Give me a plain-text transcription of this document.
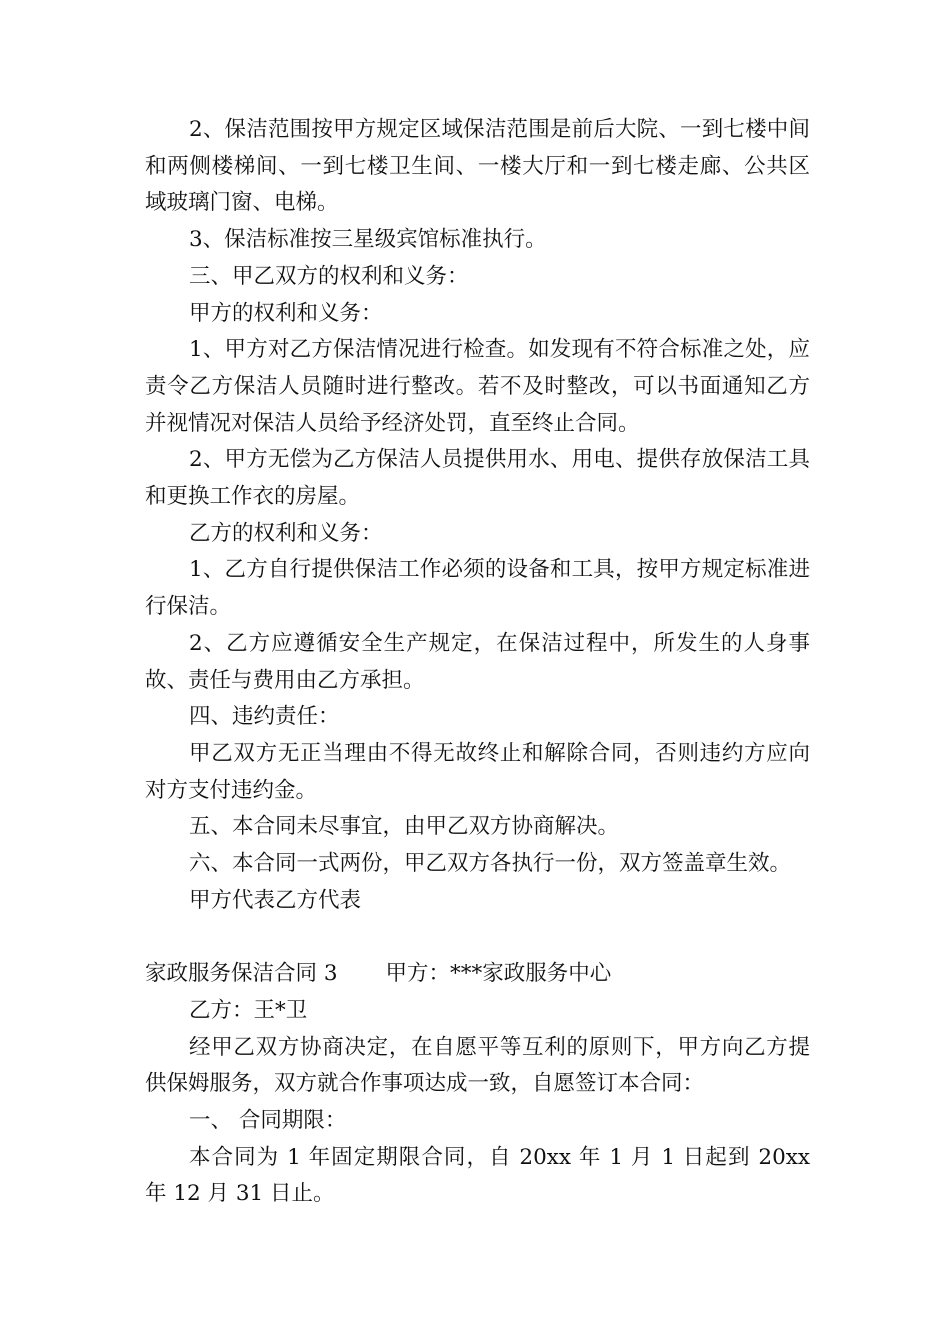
2、保洁范围按甲方规定区域保洁范围是前后大院、一到七楼中间和两侧楼梯间、一到七楼卫生间、一楼大厅和一到七楼走廊、公共区域玻璃门窗、电梯。

3、保洁标准按三星级宾馆标准执行。

三、甲乙双方的权利和义务：

甲方的权利和义务：

1、甲方对乙方保洁情况进行检查。如发现有不符合标准之处，应责令乙方保洁人员随时进行整改。若不及时整改，可以书面通知乙方并视情况对保洁人员给予经济处罚，直至终止合同。

2、甲方无偿为乙方保洁人员提供用水、用电、提供存放保洁工具和更换工作衣的房屋。

乙方的权利和义务：

1、乙方自行提供保洁工作必须的设备和工具，按甲方规定标准进行保洁。

2、乙方应遵循安全生产规定，在保洁过程中，所发生的人身事故、责任与费用由乙方承担。

四、违约责任：

甲乙双方无正当理由不得无故终止和解除合同，否则违约方应向对方支付违约金。

五、本合同未尽事宜，由甲乙双方协商解决。

六、本合同一式两份，甲乙双方各执行一份，双方签盖章生效。

甲方代表乙方代表

家政服务保洁合同 3 甲方：***家政服务中心

乙方：王*卫

经甲乙双方协商决定，在自愿平等互利的原则下，甲方向乙方提供保姆服务，双方就合作事项达成一致，自愿签订本合同：

一、 合同期限：

本合同为 1 年固定期限合同，自 20xx 年 1 月 1 日起到 20xx 年 12 月 31 日止。
